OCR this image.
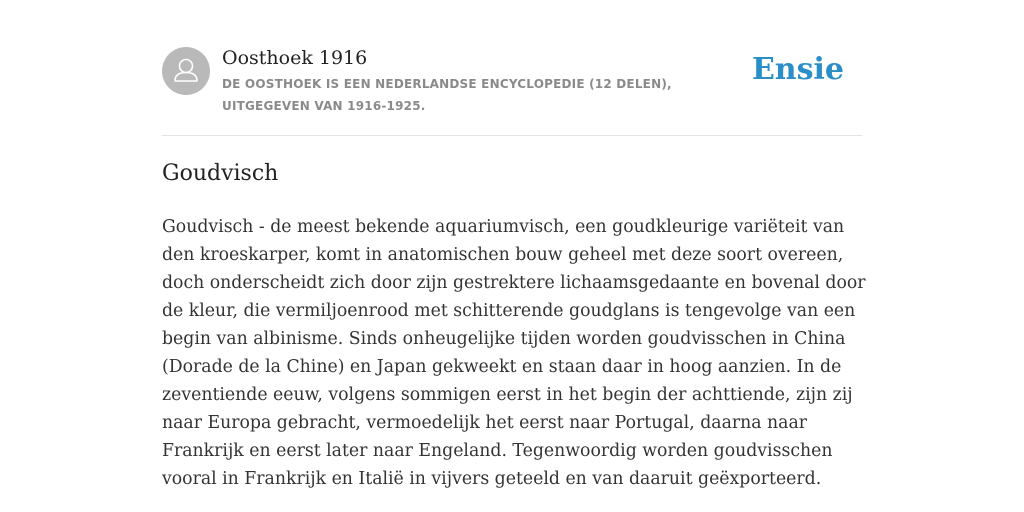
Oosthoek 1916
DE OOSTHOEK IS EEN NEDERLANDSE ENCYCLOPEDIE (12 DELEN), UITGEGEVEN VAN 1916-1925.
Ensie
Goudvisch

Goudvisch - de meest bekende aquariumvisch, een goudkleurige variëteit van den kroeskarper, komt in anatomischen bouw geheel met deze soort overeen, doch onderscheidt zich door zijn gestrektere lichaamsgedaante en bovenal door de kleur, die vermiljoenrood met schitterende goudglans is tengevolge van een begin van albinisme. Sinds onheugelijke tijden worden goudvisschen in China (Dorade de la Chine) en Japan gekweekt en staan daar in hoog aanzien. In de zeventiende eeuw, volgens sommigen eerst in het begin der achttiende, zijn zij naar Europa gebracht, vermoedelijk het eerst naar Portugal, daarna naar Frankrijk en eerst later naar Engeland. Tegenwoordig worden goudvisschen vooral in Frankrijk en Italië in vijvers geteeld en van daaruit geëxporteerd.
